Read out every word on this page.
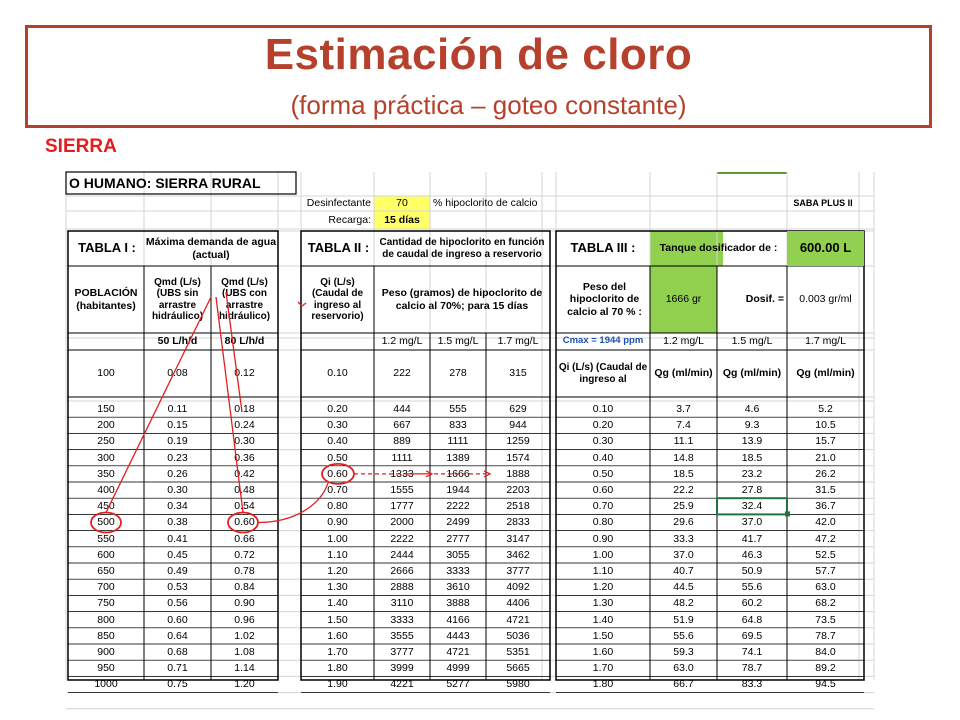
Estimación de cloro
(forma práctica – goteo constante)
SIERRA
O HUMANO: SIERRA RURAL
Desinfectante	70	% hipoclorito de calcio
Recarga:	15 días
SABA PLUS II
TABLA I : Máxima demanda de agua (actual)
POBLACIÓN (habitantes)
Qmd (L/s) (UBS sin arrastre hidráulico)
Qmd (L/s) (UBS con arrastre hidráulico)
50 L/h/d	80 L/h/d
TABLA II :	Cantidad de hipoclorito en función de caudal de ingreso a reservorio
Qi (L/s) (Caudal de ingreso al reservorio)
Peso (gramos) de hipoclorito de calcio al 70%; para 15 días
1.2 mg/L	1.5 mg/L	1.7 mg/L
TABLA III :	Tanque dosificador de :	600.00 L
Peso del hipoclorito de calcio al 70 % :
1666 gr	Dosif. =	0.003 gr/ml
Cmax = 1944 ppm	1.2 mg/L	1.5 mg/L	1.7 mg/L
Qi (L/s) (Caudal de ingreso al	Qg (ml/min) Qg (ml/min)	Qg (ml/min)
100	0.08	0.12
150	0.11	0.18
200	0.15	0.24
250	0.19	0.30
300	0.23	0.36
350	0.26	0.42
400	0.30	0.48
450	0.34	0.54
500	0.38	0.60
550	0.41	0.66
600	0.45	0.72
650	0.49	0.78
700	0.53	0.84
750	0.56	0.90
800	0.60	0.96
850	0.64	1.02
900	0.68	1.08
950	0.71	1.14
1000	0.75	1.20
0.10	222	278	315
0.20	444	555	629
0.30	667	833	944
0.40	889	1111	1259
0.50	1111	1389	1574
0.60	1333	1666	1888
0.70	1555	1944	2203
0.80	1777	2222	2518
0.90	2000	2499	2833
1.00	2222	2777	3147
1.10	2444	3055	3462
1.20	2666	3333	3777
1.30	2888	3610	4092
1.40	3110	3888	4406
1.50	3333	4166	4721
1.60	3555	4443	5036
1.70	3777	4721	5351
1.80	3999	4999	5665
1.90	4221	5277	5980
0.10	3.7	4.6	5.2
0.20	7.4	9.3	10.5
0.30	11.1	13.9	15.7
0.40	14.8	18.5	21.0
0.50	18.5	23.2	26.2
0.60	22.2	27.8	31.5
0.70	25.9	32.4	36.7
0.80	29.6	37.0	42.0
0.90	33.3	41.7	47.2
1.00	37.0	46.3	52.5
1.10	40.7	50.9	57.7
1.20	44.5	55.6	63.0
1.30	48.2	60.2	68.2
1.40	51.9	64.8	73.5
1.50	55.6	69.5	78.7
1.60	59.3	74.1	84.0
1.70	63.0	78.7	89.2
1.80	66.7	83.3	94.5
